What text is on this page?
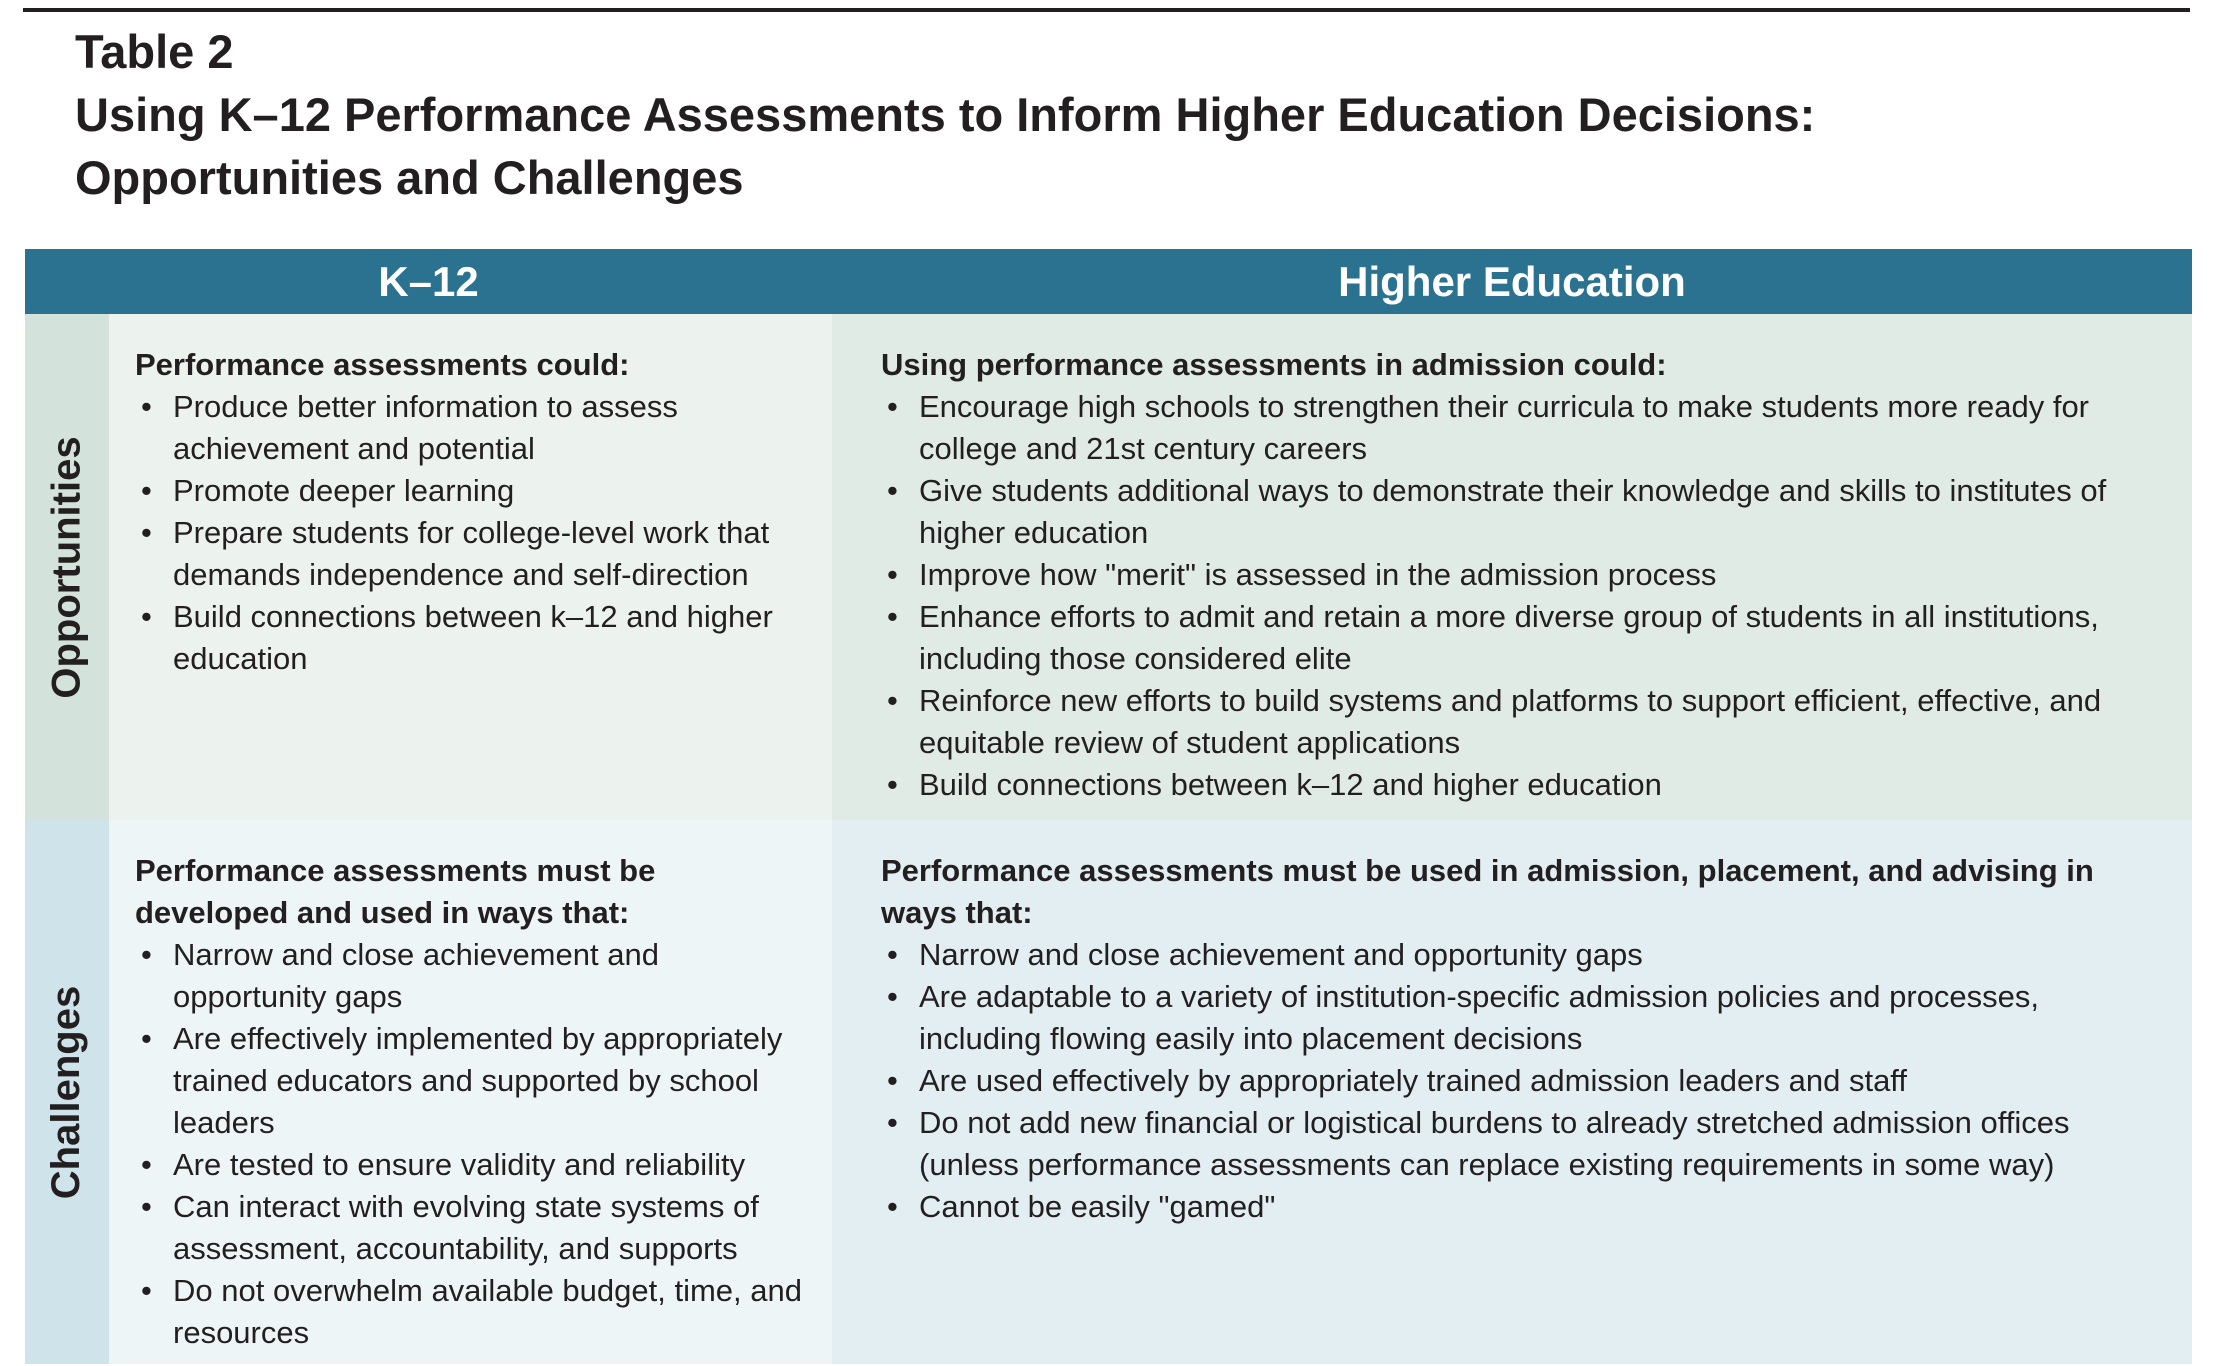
Table 2
Using K–12 Performance Assessments to Inform Higher Education Decisions:
Opportunities and Challenges
K–12	Higher Education
Opportunities
Challenges
Performance assessments could:
• Produce better information to assess achievement and potential
• Promote deeper learning
• Prepare students for college-level work that demands independence and self-direction
• Build connections between k–12 and higher education
Using performance assessments in admission could:
• Encourage high schools to strengthen their curricula to make students more ready for college and 21st century careers
• Give students additional ways to demonstrate their knowledge and skills to institutes of higher education
• Improve how "merit" is assessed in the admission process
• Enhance efforts to admit and retain a more diverse group of students in all institutions, including those considered elite
• Reinforce new efforts to build systems and platforms to support efficient, effective, and equitable review of student applications
• Build connections between k–12 and higher education
Performance assessments must be developed and used in ways that:
• Narrow and close achievement and opportunity gaps
• Are effectively implemented by appropriately trained educators and supported by school leaders
• Are tested to ensure validity and reliability
• Can interact with evolving state systems of assessment, accountability, and supports
• Do not overwhelm available budget, time, and resources
Performance assessments must be used in admission, placement, and advising in ways that:
• Narrow and close achievement and opportunity gaps
• Are adaptable to a variety of institution-specific admission policies and processes, including flowing easily into placement decisions
• Are used effectively by appropriately trained admission leaders and staff
• Do not add new financial or logistical burdens to already stretched admission offices (unless performance assessments can replace existing requirements in some way)
• Cannot be easily "gamed"
